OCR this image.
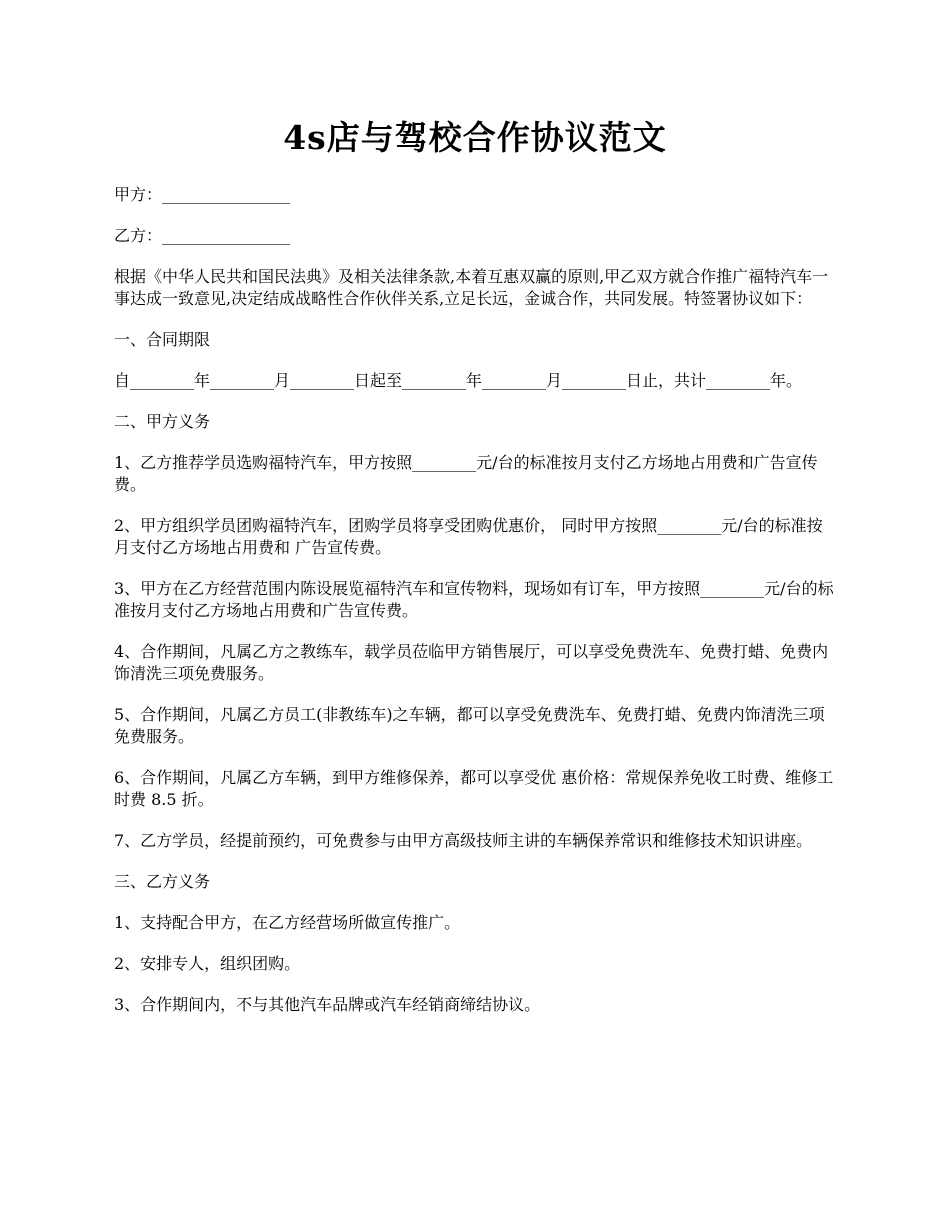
4s店与驾校合作协议范文

甲方：________________

乙方：________________

根据《中华人民共和国民法典》及相关法律条款,本着互惠双赢的原则,甲乙双方就合作推广福特汽车一事达成一致意见,决定结成战略性合作伙伴关系,立足长远，金诚合作，共同发展。特签署协议如下：

一、合同期限

自________年________月________日起至________年________月________日止，共计________年。

二、甲方义务

1、乙方推荐学员选购福特汽车，甲方按照________元/台的标准按月支付乙方场地占用费和广告宣传费。

2、甲方组织学员团购福特汽车，团购学员将享受团购优惠价， 同时甲方按照________元/台的标准按月支付乙方场地占用费和 广告宣传费。

3、甲方在乙方经营范围内陈设展览福特汽车和宣传物料，现场如有订车，甲方按照________元/台的标准按月支付乙方场地占用费和广告宣传费。

4、合作期间，凡属乙方之教练车，载学员莅临甲方销售展厅，可以享受免费洗车、免费打蜡、免费内饰清洗三项免费服务。

5、合作期间，凡属乙方员工(非教练车)之车辆，都可以享受免费洗车、免费打蜡、免费内饰清洗三项免费服务。

6、合作期间，凡属乙方车辆，到甲方维修保养，都可以享受优 惠价格：常规保养免收工时费、维修工时费 8.5 折。

7、乙方学员，经提前预约，可免费参与由甲方高级技师主讲的车辆保养常识和维修技术知识讲座。

三、乙方义务

1、支持配合甲方，在乙方经营场所做宣传推广。

2、安排专人，组织团购。

3、合作期间内，不与其他汽车品牌或汽车经销商缔结协议。
